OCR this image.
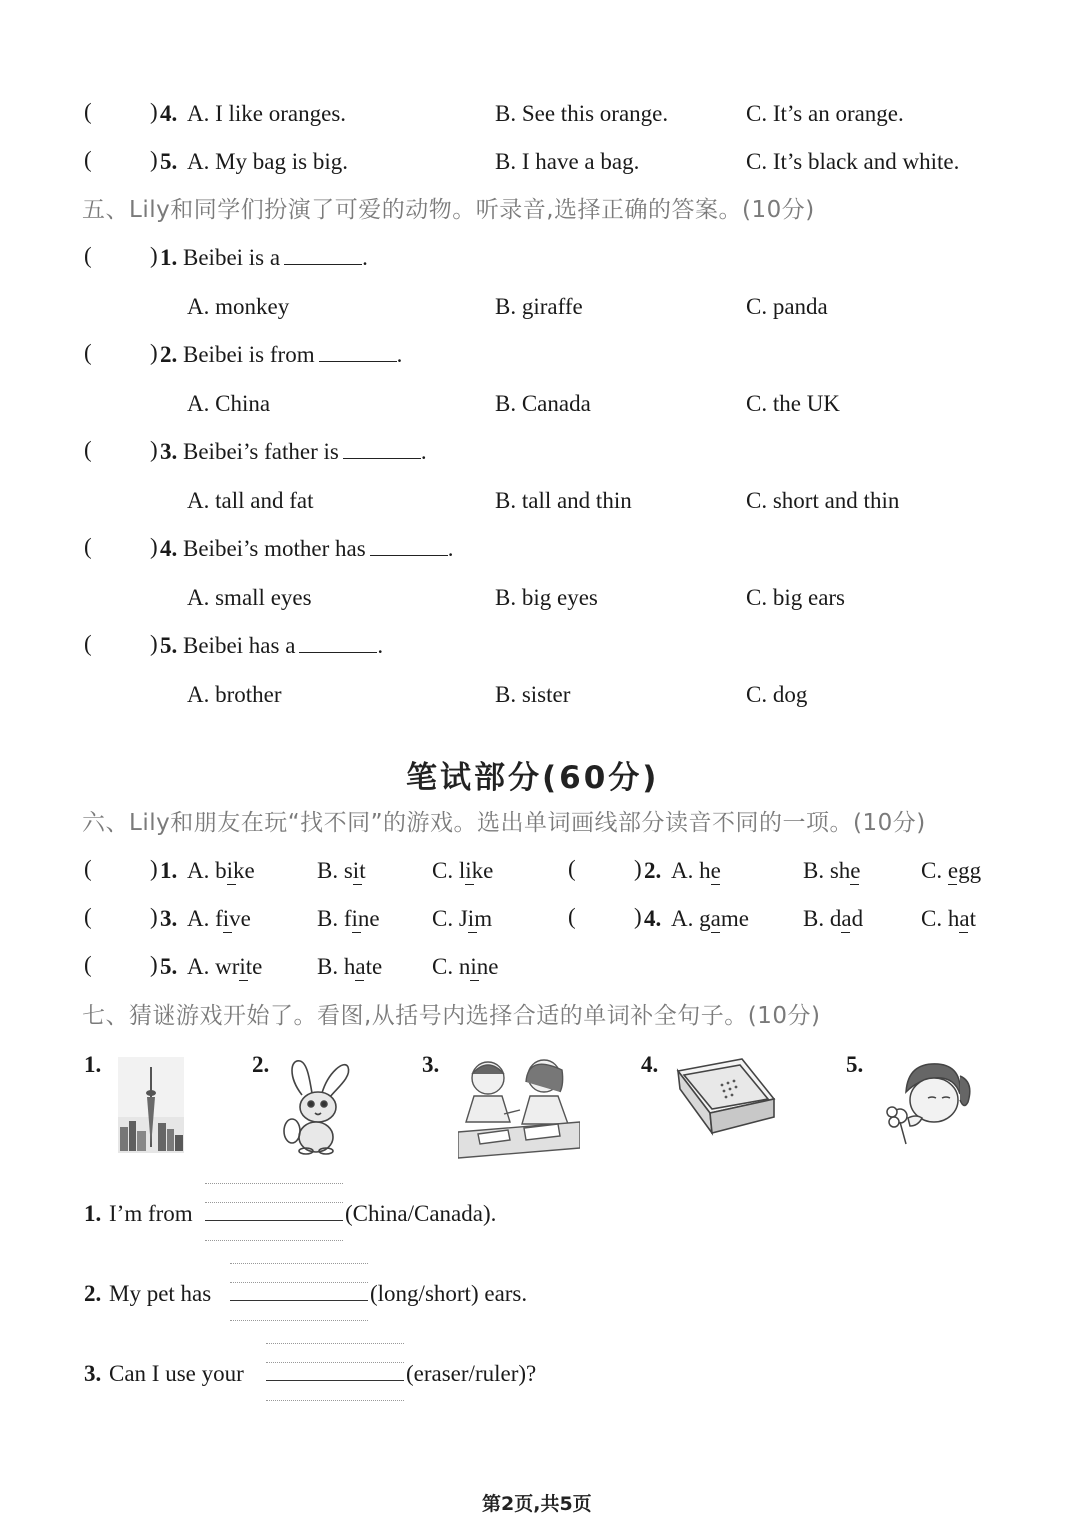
(	) 4. A. I like oranges.	B. See this orange.	C. It’s an orange.
(	) 5. A. My bag is big.	B. I have a bag.	C. It’s black and white.
五、Lily和同学们扮演了可爱的动物。听录音,选择正确的答案。(10分)
(	) 1. Beibei is a	.
A. monkey	B. giraffe	C. panda
(	) 2. Beibei is from	.
A. China	B. Canada	C. the UK
(	) 3. Beibei’s father is	.
A. tall and fat	B. tall and thin	C. short and thin
(	) 4. Beibei’s mother has	.
A. small eyes	B. big eyes	C. big ears
(	) 5. Beibei has a	.
A. brother	B. sister	C. dog
笔试部分(60分)
六、Lily和朋友在玩“找不同”的游戏。选出单词画线部分读音不同的一项。(10分)
(	) 1. A. bike	B. sit	C. like	(	) 2. A. he	B. she	C. egg
(	) 3. A. five	B. fine C. Jim	(	) 4. A. game B. dad	C. hat
(	) 5. A. write B. hate C. nine
七、猜谜游戏开始了。看图,从括号内选择合适的单词补全句子。(10分)
1.	2.	3.	4.	5.
1. I’m from	(China/Canada).
2. My pet has	(long/short) ears.
3. Can I use your	(eraser/ruler)?
第2页,共5页
